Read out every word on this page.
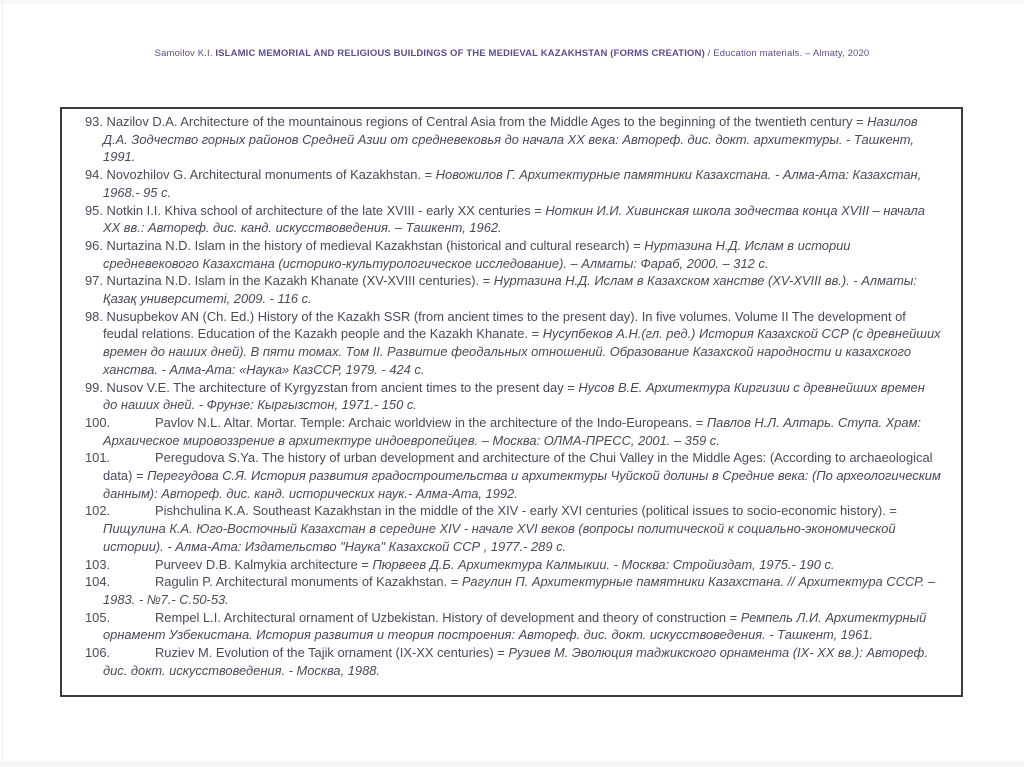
Samoilov K.I. ISLAMIC MEMORIAL AND RELIGIOUS BUILDINGS OF THE MEDIEVAL KAZAKHSTAN (FORMS CREATION) / Education materials. – Almaty, 2020
93. Nazilov D.A. Architecture of the mountainous regions of Central Asia from the Middle Ages to the beginning of the twentieth century = Назилов Д.А. Зодчество горных районов Средней Азии от средневековья до начала XX века: Автореф. дис. докт. архитектуры. - Ташкент, 1991.
94. Novozhilov G. Architectural monuments of Kazakhstan. = Новожилов Г. Архитектурные памятники Казахстана. - Алма-Ата: Казахстан, 1968.- 95 с.
95. Notkin I.I. Khiva school of architecture of the late XVIII - early XX centuries = Ноткин И.И. Хивинская школа зодчества конца XVIII – начала XX вв.: Автореф. дис. канд. искусствоведения. – Ташкент, 1962.
96. Nurtazina N.D. Islam in the history of medieval Kazakhstan (historical and cultural research) = Нуртазина Н.Д. Ислам в истории средневекового Казахстана (историко-культурологическое исследование). – Алматы: Фараб, 2000. – 312 с.
97. Nurtazina N.D. Islam in the Kazakh Khanate (XV-XVIII centuries). = Нуртазина Н.Д. Ислам в Казахском ханстве (XV-XVIII вв.). - Алматы: Қазақ университеті, 2009. - 116 с.
98. Nusupbekov AN (Ch. Ed.) History of the Kazakh SSR (from ancient times to the present day). In five volumes. Volume II The development of feudal relations. Education of the Kazakh people and the Kazakh Khanate. = Нусупбеков А.Н.(гл. ред.) История Казахской ССР (с древнейших времен до наших дней). В пяти томах. Том II. Развитие феодальных отношений. Образование Казахской народности и казахского ханства. - Алма-Ата: «Наука» КазССР, 1979. - 424 с.
99. Nusov V.E. The architecture of Kyrgyzstan from ancient times to the present day = Нусов В.Е. Архитектура Киргизии с древнейших времен до наших дней. - Фрунзе: Кыргызстон, 1971.- 150 с.
100.	Pavlov N.L. Altar. Mortar. Temple: Archaic worldview in the architecture of the Indo-Europeans. = Павлов Н.Л. Алтарь. Ступа. Храм: Архаическое мировоззрение в архитектуре индоевропейцев. – Москва: ОЛМА-ПРЕСС, 2001. – 359 с.
101.	Peregudova S.Ya. The history of urban development and architecture of the Chui Valley in the Middle Ages: (According to archaeological data) = Перегудова С.Я. История развития градостроительства и архитектуры Чуйской долины в Средние века: (По археологическим данным): Автореф. дис. канд. исторических наук.- Алма-Ата, 1992.
102.	Pishchulina K.A. Southeast Kazakhstan in the middle of the XIV - early XVI centuries (political issues to socio-economic history). = Пищулина К.А. Юго-Восточный Казахстан в середине XIV - начале XVI веков (вопросы политической к социально-экономической истории). - Алма-Ата: Издательство "Наука" Казахской ССР , 1977.- 289 с.
103.	Purveev D.B. Kalmykia architecture = Пюрвеев Д.Б. Архитектура Калмыкии. - Москва: Стройиздат, 1975.- 190 с.
104.	Ragulin P. Architectural monuments of Kazakhstan. = Рагулин П. Архитектурные памятники Казахстана. // Архитектура СССР. – 1983. - №7.- С.50-53.
105.	Rempel L.I. Architectural ornament of Uzbekistan. History of development and theory of construction = Ремпель Л.И. Архитектурный орнамент Узбекистана. История развития и теория построения: Автореф. дис. докт. искусствоведения. - Ташкент, 1961.
106.	Ruziev M. Evolution of the Tajik ornament (IX-XX centuries) = Рузиев М. Эволюция таджикского орнамента (IX- XX вв.): Автореф. дис. докт. искусствоведения. - Москва, 1988.
